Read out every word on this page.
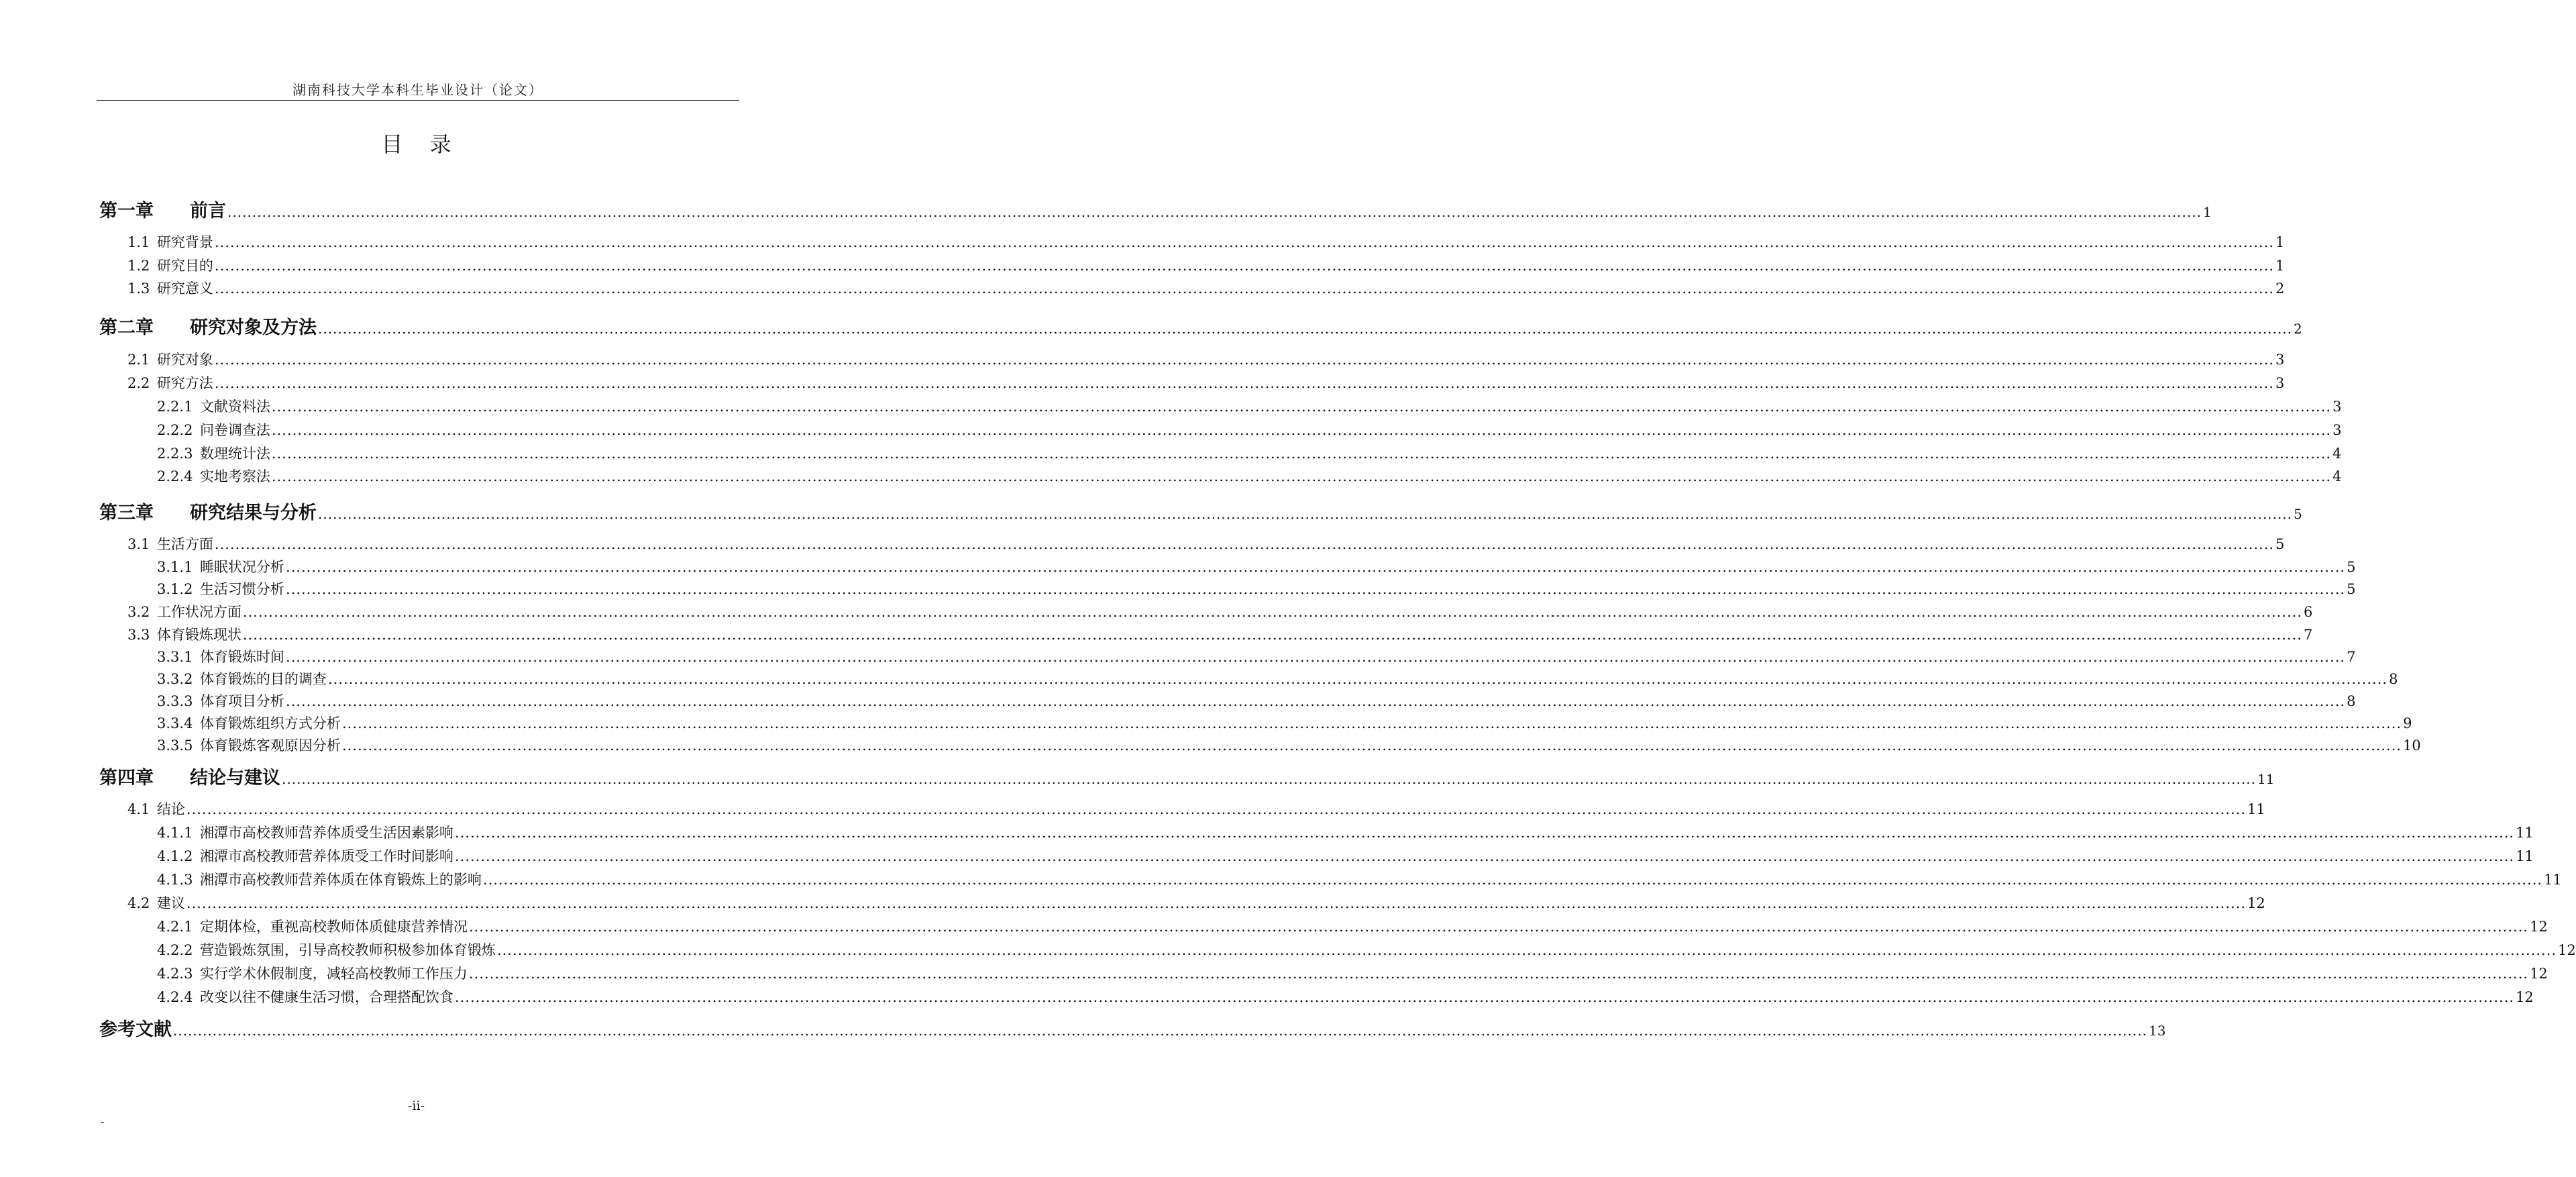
湖南科技大学本科生毕业设计（论文）
目 录
第一章　　 前言 ................................................................................................................................................................................................................................................................................................................................................................................................................ 1
1.1  研究背景 ................................................................................................................................................................................................................................................................................................................................................................................................................ 1
1.2  研究目的 ................................................................................................................................................................................................................................................................................................................................................................................................................ 1
1.3  研究意义 ................................................................................................................................................................................................................................................................................................................................................................................................................ 2
第二章　　 研究对象及方法 ................................................................................................................................................................................................................................................................................................................................................................................................................ 2
2.1  研究对象 ................................................................................................................................................................................................................................................................................................................................................................................................................ 3
2.2  研究方法 ................................................................................................................................................................................................................................................................................................................................................................................................................ 3
2.2.1  文献资料法 ................................................................................................................................................................................................................................................................................................................................................................................................................ 3
2.2.2  问卷调查法 ................................................................................................................................................................................................................................................................................................................................................................................................................ 3
2.2.3  数理统计法 ................................................................................................................................................................................................................................................................................................................................................................................................................ 4
2.2.4  实地考察法 ................................................................................................................................................................................................................................................................................................................................................................................................................ 4
第三章　　 研究结果与分析 ................................................................................................................................................................................................................................................................................................................................................................................................................ 5
3.1  生活方面 ................................................................................................................................................................................................................................................................................................................................................................................................................ 5
3.1.1  睡眠状况分析 ................................................................................................................................................................................................................................................................................................................................................................................................................ 5
3.1.2  生活习惯分析 ................................................................................................................................................................................................................................................................................................................................................................................................................ 5
3.2  工作状况方面 ................................................................................................................................................................................................................................................................................................................................................................................................................ 6
3.3  体育锻炼现状 ................................................................................................................................................................................................................................................................................................................................................................................................................ 7
3.3.1  体育锻炼时间 ................................................................................................................................................................................................................................................................................................................................................................................................................ 7
3.3.2  体育锻炼的目的调查 ................................................................................................................................................................................................................................................................................................................................................................................................................ 8
3.3.3  体育项目分析 ................................................................................................................................................................................................................................................................................................................................................................................................................ 8
3.3.4  体育锻炼组织方式分析 ................................................................................................................................................................................................................................................................................................................................................................................................................ 9
3.3.5  体育锻炼客观原因分析 ................................................................................................................................................................................................................................................................................................................................................................................................................ 10
第四章　　 结论与建议 ................................................................................................................................................................................................................................................................................................................................................................................................................ 11
4.1  结论 ................................................................................................................................................................................................................................................................................................................................................................................................................ 11
4.1.1  湘潭市高校教师营养体质受生活因素影响 ................................................................................................................................................................................................................................................................................................................................................................................................................ 11
4.1.2  湘潭市高校教师营养体质受工作时间影响 ................................................................................................................................................................................................................................................................................................................................................................................................................ 11
4.1.3  湘潭市高校教师营养体质在体育锻炼上的影响 ................................................................................................................................................................................................................................................................................................................................................................................................................ 11
4.2  建议 ................................................................................................................................................................................................................................................................................................................................................................................................................ 12
4.2.1  定期体检，重视高校教师体质健康营养情况 ................................................................................................................................................................................................................................................................................................................................................................................................................ 12
4.2.2  营造锻炼氛围，引导高校教师积极参加体育锻炼 ................................................................................................................................................................................................................................................................................................................................................................................................................ 12
4.2.3  实行学术休假制度，减轻高校教师工作压力 ................................................................................................................................................................................................................................................................................................................................................................................................................ 12
4.2.4  改变以往不健康生活习惯，合理搭配饮食 ................................................................................................................................................................................................................................................................................................................................................................................................................ 12
参考文献 ................................................................................................................................................................................................................................................................................................................................................................................................................ 13
-ii-
-
